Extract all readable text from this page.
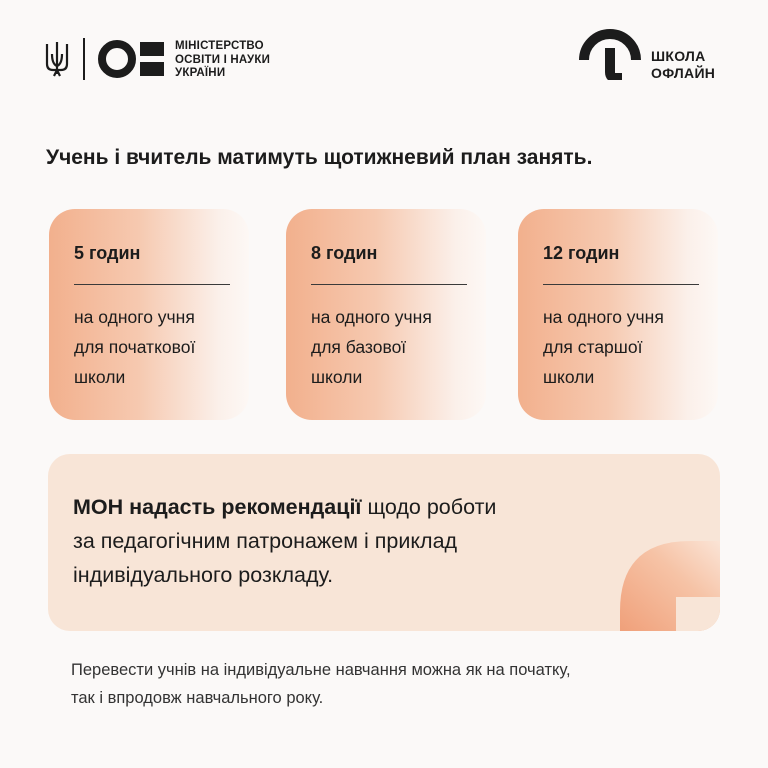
МІНІСТЕРСТВО
ОСВІТИ І НАУКИ
УКРАЇНИ
ШКОЛА
ОФЛАЙН
Учень і вчитель матимуть щотижневий план занять.
5 годин
на одного учня
для початкової
школи
8 годин
на одного учня
для базової
школи
12 годин
на одного учня
для старшої
школи
МОН надасть рекомендації щодо роботи
за педагогічним патронажем і приклад
індивідуального розкладу.
Перевести учнів на індивідуальне навчання можна як на початку,
так і впродовж навчального року.
